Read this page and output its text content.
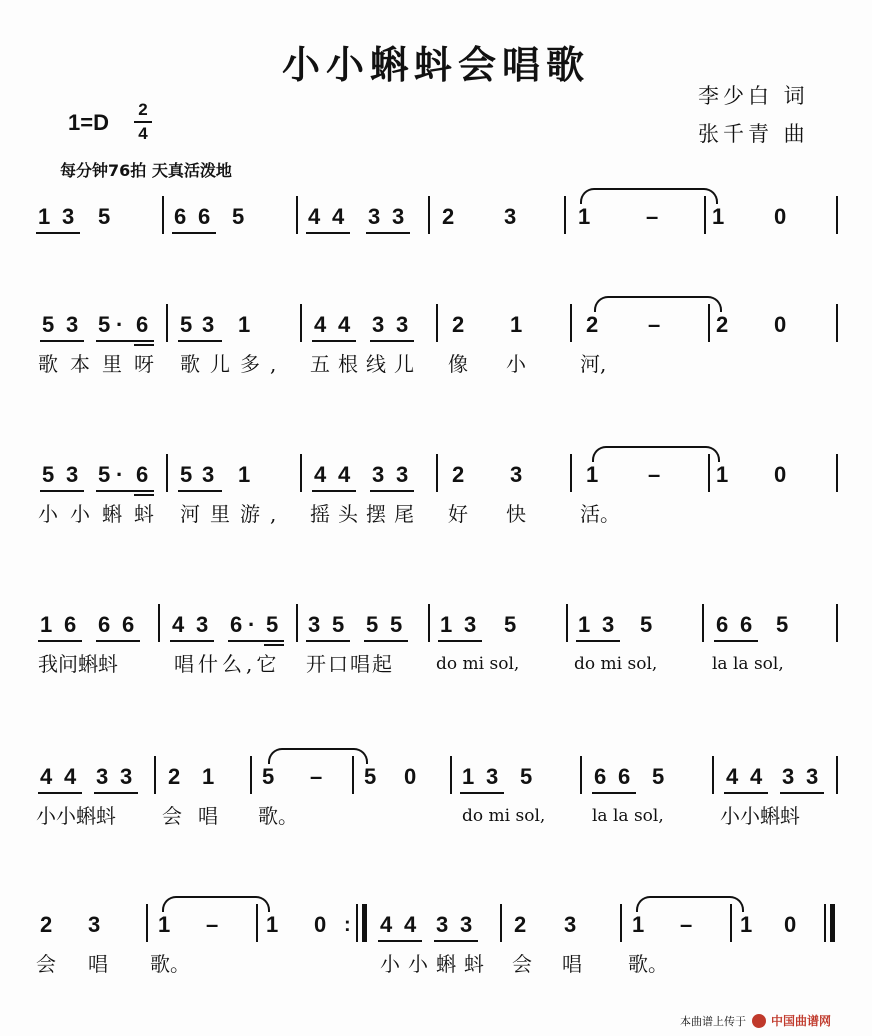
小小蝌蚪会唱歌
李少白 词
张千青 曲
1=D
2
4
每分钟76拍 天真活泼地
1 3 5	6 6 5	4 4 3 3 2 3	1	– 1 0
5 3 5 · 6 5 3 1	4 4 3 3 2 1	2 –	2 0
歌本里呀 歌儿多, 五根线儿 像 小	河,
5 3 5 · 6 5 3 1	4 4 3 3 2 3	1 –	1 0
小小蝌蚪 河里游, 摇头摆尾 好 快	活。
1 6 6 6 4 3 6 · 5 3 5 5 5 1 3 5	1 3 5	6 6 5
我问蝌蚪	唱什么,它 开口唱起 do mi sol,	do mi sol,	la la sol,
4 4 3 3 2 1 5 – 5 0 1 3 5	6 6 5	4 4 3 3
小小蝌蚪 会 唱 歌。	do mi sol,	la la sol,	小小蝌蚪
2 3	1 – 1 0 : 4 4 3 3 2 3	1 – 1 0
会 唱 歌。	小小蝌蚪 会 唱 歌。
本曲谱上传于 中国曲谱网
